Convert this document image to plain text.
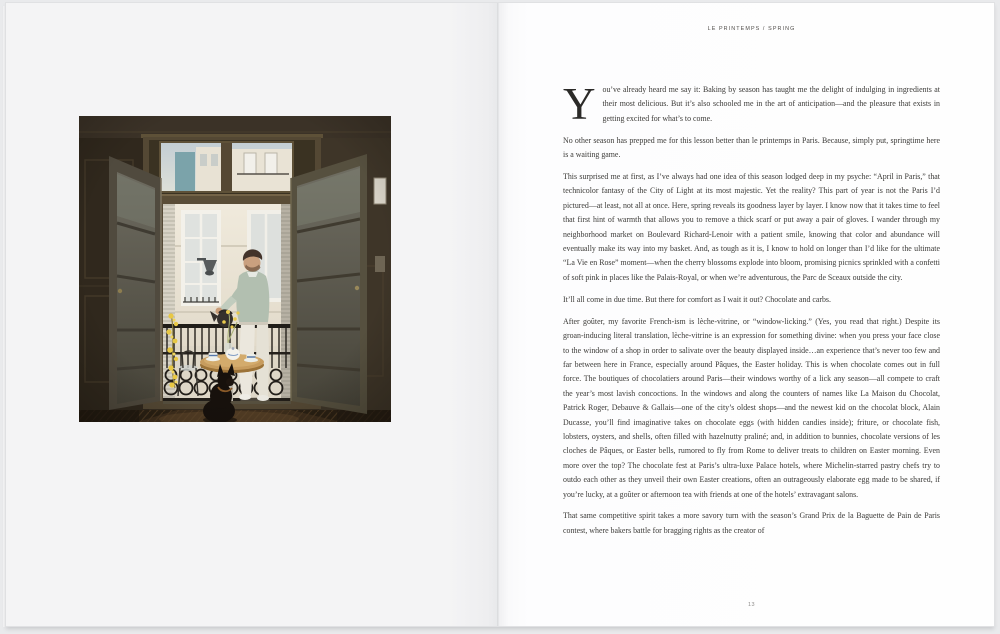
LE PRINTEMPS / SPRING

You’ve already heard me say it: Baking by season has taught me the delight of indulging in ingredients at their most delicious. But it’s also schooled me in the art of anticipation—and the pleasure that exists in getting excited for what’s to come.

No other season has prepped me for this lesson better than le printemps in Paris. Because, simply put, springtime here is a waiting game.

This surprised me at first, as I’ve always had one idea of this season lodged deep in my psyche: “April in Paris,” that technicolor fantasy of the City of Light at its most majestic. Yet the reality? This part of year is not the Paris I’d pictured—at least, not all at once. Here, spring reveals its goodness layer by layer. I know now that it takes time to feel that first hint of warmth that allows you to remove a thick scarf or put away a pair of gloves. I wander through my neighborhood market on Boulevard Richard-Lenoir with a patient smile, knowing that color and abundance will eventually make its way into my basket. And, as tough as it is, I know to hold on longer than I’d like for the ultimate “La Vie en Rose” moment—when the cherry blossoms explode into bloom, promising picnics sprinkled with a confetti of soft pink in places like the Palais-Royal, or when we’re adventurous, the Parc de Sceaux outside the city.

It’ll all come in due time. But there for comfort as I wait it out? Chocolate and carbs.

After goûter, my favorite French-ism is lèche-vitrine, or “window-licking.” (Yes, you read that right.) Despite its groan-inducing literal translation, lèche-vitrine is an expression for something divine: when you press your face close to the window of a shop in order to salivate over the beauty displayed inside…an experience that’s never too few and far between here in France, especially around Pâques, the Easter holiday. This is when chocolate comes out in full force. The boutiques of chocolatiers around Paris—their windows worthy of a lick any season—all compete to craft the year’s most lavish concoctions. In the windows and along the counters of names like La Maison du Chocolat, Patrick Roger, Debauve & Gallais—one of the city’s oldest shops—and the newest kid on the chocolat block, Alain Ducasse, you’ll find imaginative takes on chocolate eggs (with hidden candies inside); friture, or chocolate fish, lobsters, oysters, and shells, often filled with hazelnutty praliné; and, in addition to bunnies, chocolate versions of les cloches de Pâques, or Easter bells, rumored to fly from Rome to deliver treats to children on Easter morning. Even more over the top? The chocolate fest at Paris’s ultra-luxe Palace hotels, where Michelin-starred pastry chefs try to outdo each other as they unveil their own Easter creations, often an outrageously elaborate egg made to be shared, if you’re lucky, at a goûter or afternoon tea with friends at one of the hotels’ extravagant salons.

That same competitive spirit takes a more savory turn with the season’s Grand Prix de la Baguette de Pain de Paris contest, where bakers battle for bragging rights as the creator of

13
